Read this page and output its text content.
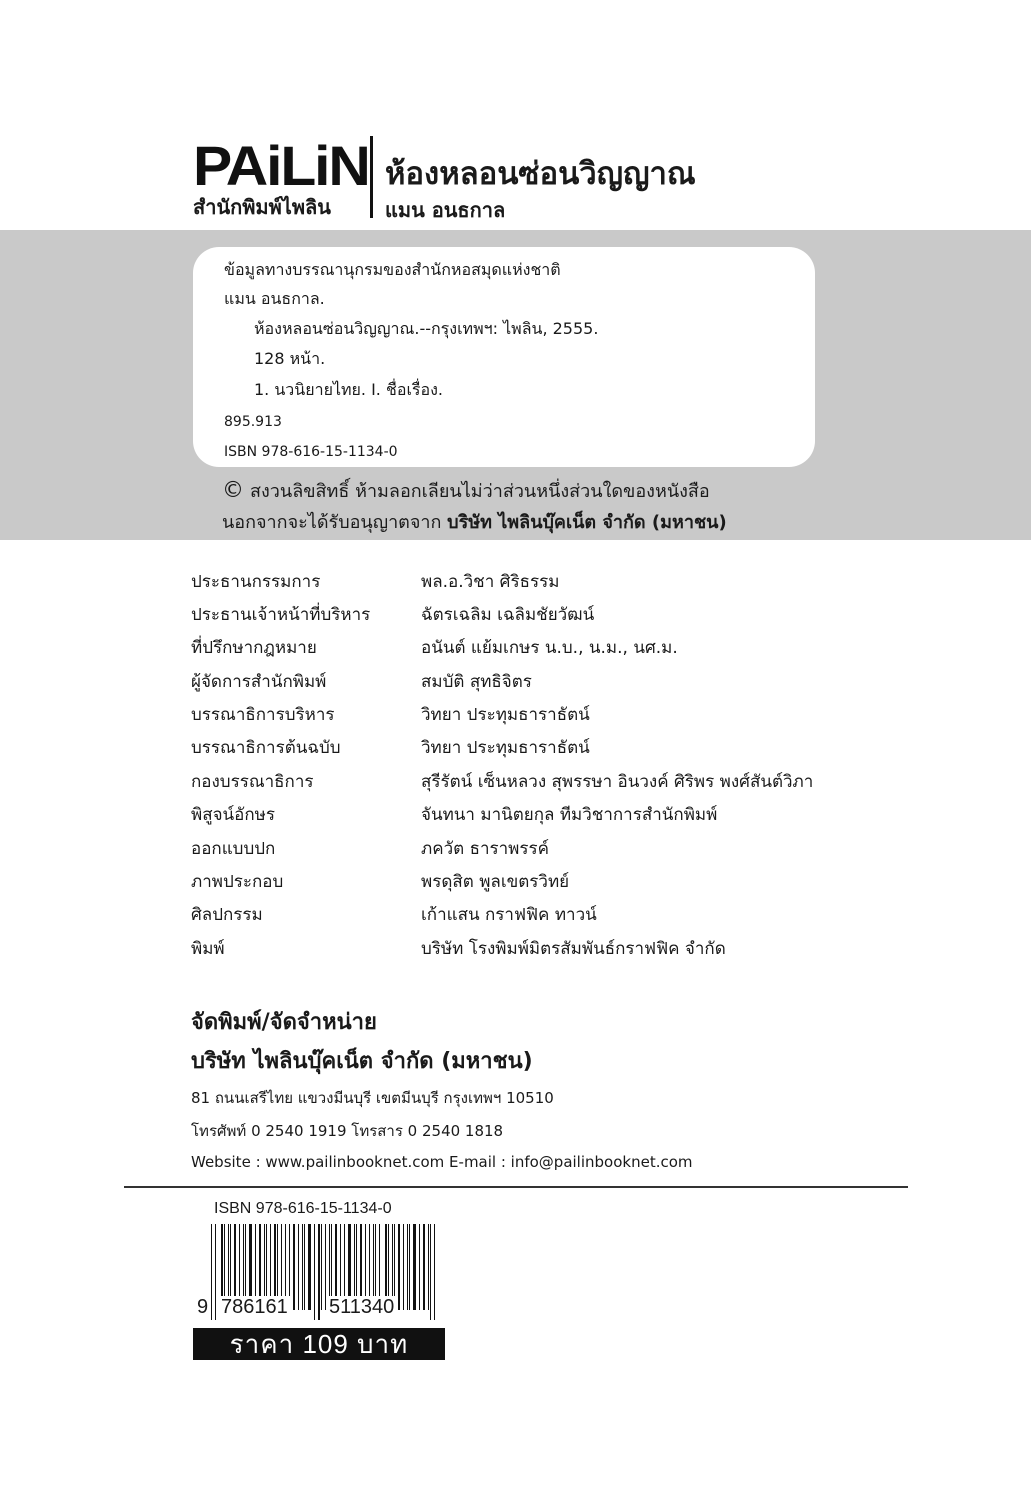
PAiLiN
สำนักพิมพ์ไพลิน
ห้องหลอนซ่อนวิญญาณ
แมน อนธกาล
ข้อมูลทางบรรณานุกรมของสำนักหอสมุดแห่งชาติ
แมน อนธกาล.
ห้องหลอนซ่อนวิญญาณ.--กรุงเทพฯ: ไพลิน, 2555.
128 หน้า.
1. นวนิยายไทย. I. ชื่อเรื่อง.
895.913
ISBN 978-616-15-1134-0
© สงวนลิขสิทธิ์ ห้ามลอกเลียนไม่ว่าส่วนหนึ่งส่วนใดของหนังสือ
นอกจากจะได้รับอนุญาตจาก บริษัท ไพลินบุ๊คเน็ต จำกัด (มหาชน)
ประธานกรรมการ	พล.อ.วิชา ศิริธรรม
ประธานเจ้าหน้าที่บริหาร	ฉัตรเฉลิม เฉลิมชัยวัฒน์
ที่ปรึกษากฎหมาย	อนันต์ แย้มเกษร น.บ., น.ม., นศ.ม.
ผู้จัดการสำนักพิมพ์	สมบัติ สุทธิจิตร
บรรณาธิการบริหาร	วิทยา ประทุมธาราธัตน์
บรรณาธิการต้นฉบับ	วิทยา ประทุมธาราธัตน์
กองบรรณาธิการ	สุรีรัตน์ เซ็นหลวง สุพรรษา อินวงค์ ศิริพร พงศ์สันต์วิภา
พิสูจน์อักษร	จันทนา มานิตยกุล ทีมวิชาการสำนักพิมพ์
ออกแบบปก	ภควัต ธาราพรรค์
ภาพประกอบ	พรดุสิต พูลเขตรวิทย์
ศิลปกรรม	เก้าแสน กราฟฟิค ทาวน์
พิมพ์	บริษัท โรงพิมพ์มิตรสัมพันธ์กราฟฟิค จำกัด
จัดพิมพ์/จัดจำหน่าย
บริษัท ไพลินบุ๊คเน็ต จำกัด (มหาชน)
81 ถนนเสรีไทย แขวงมีนบุรี เขตมีนบุรี กรุงเทพฯ 10510
โทรศัพท์ 0 2540 1919 โทรสาร 0 2540 1818
Website : www.pailinbooknet.com E-mail : info@pailinbooknet.com
ISBN 978-616-15-1134-0
9 786161 511340
ราคา 109 บาท
